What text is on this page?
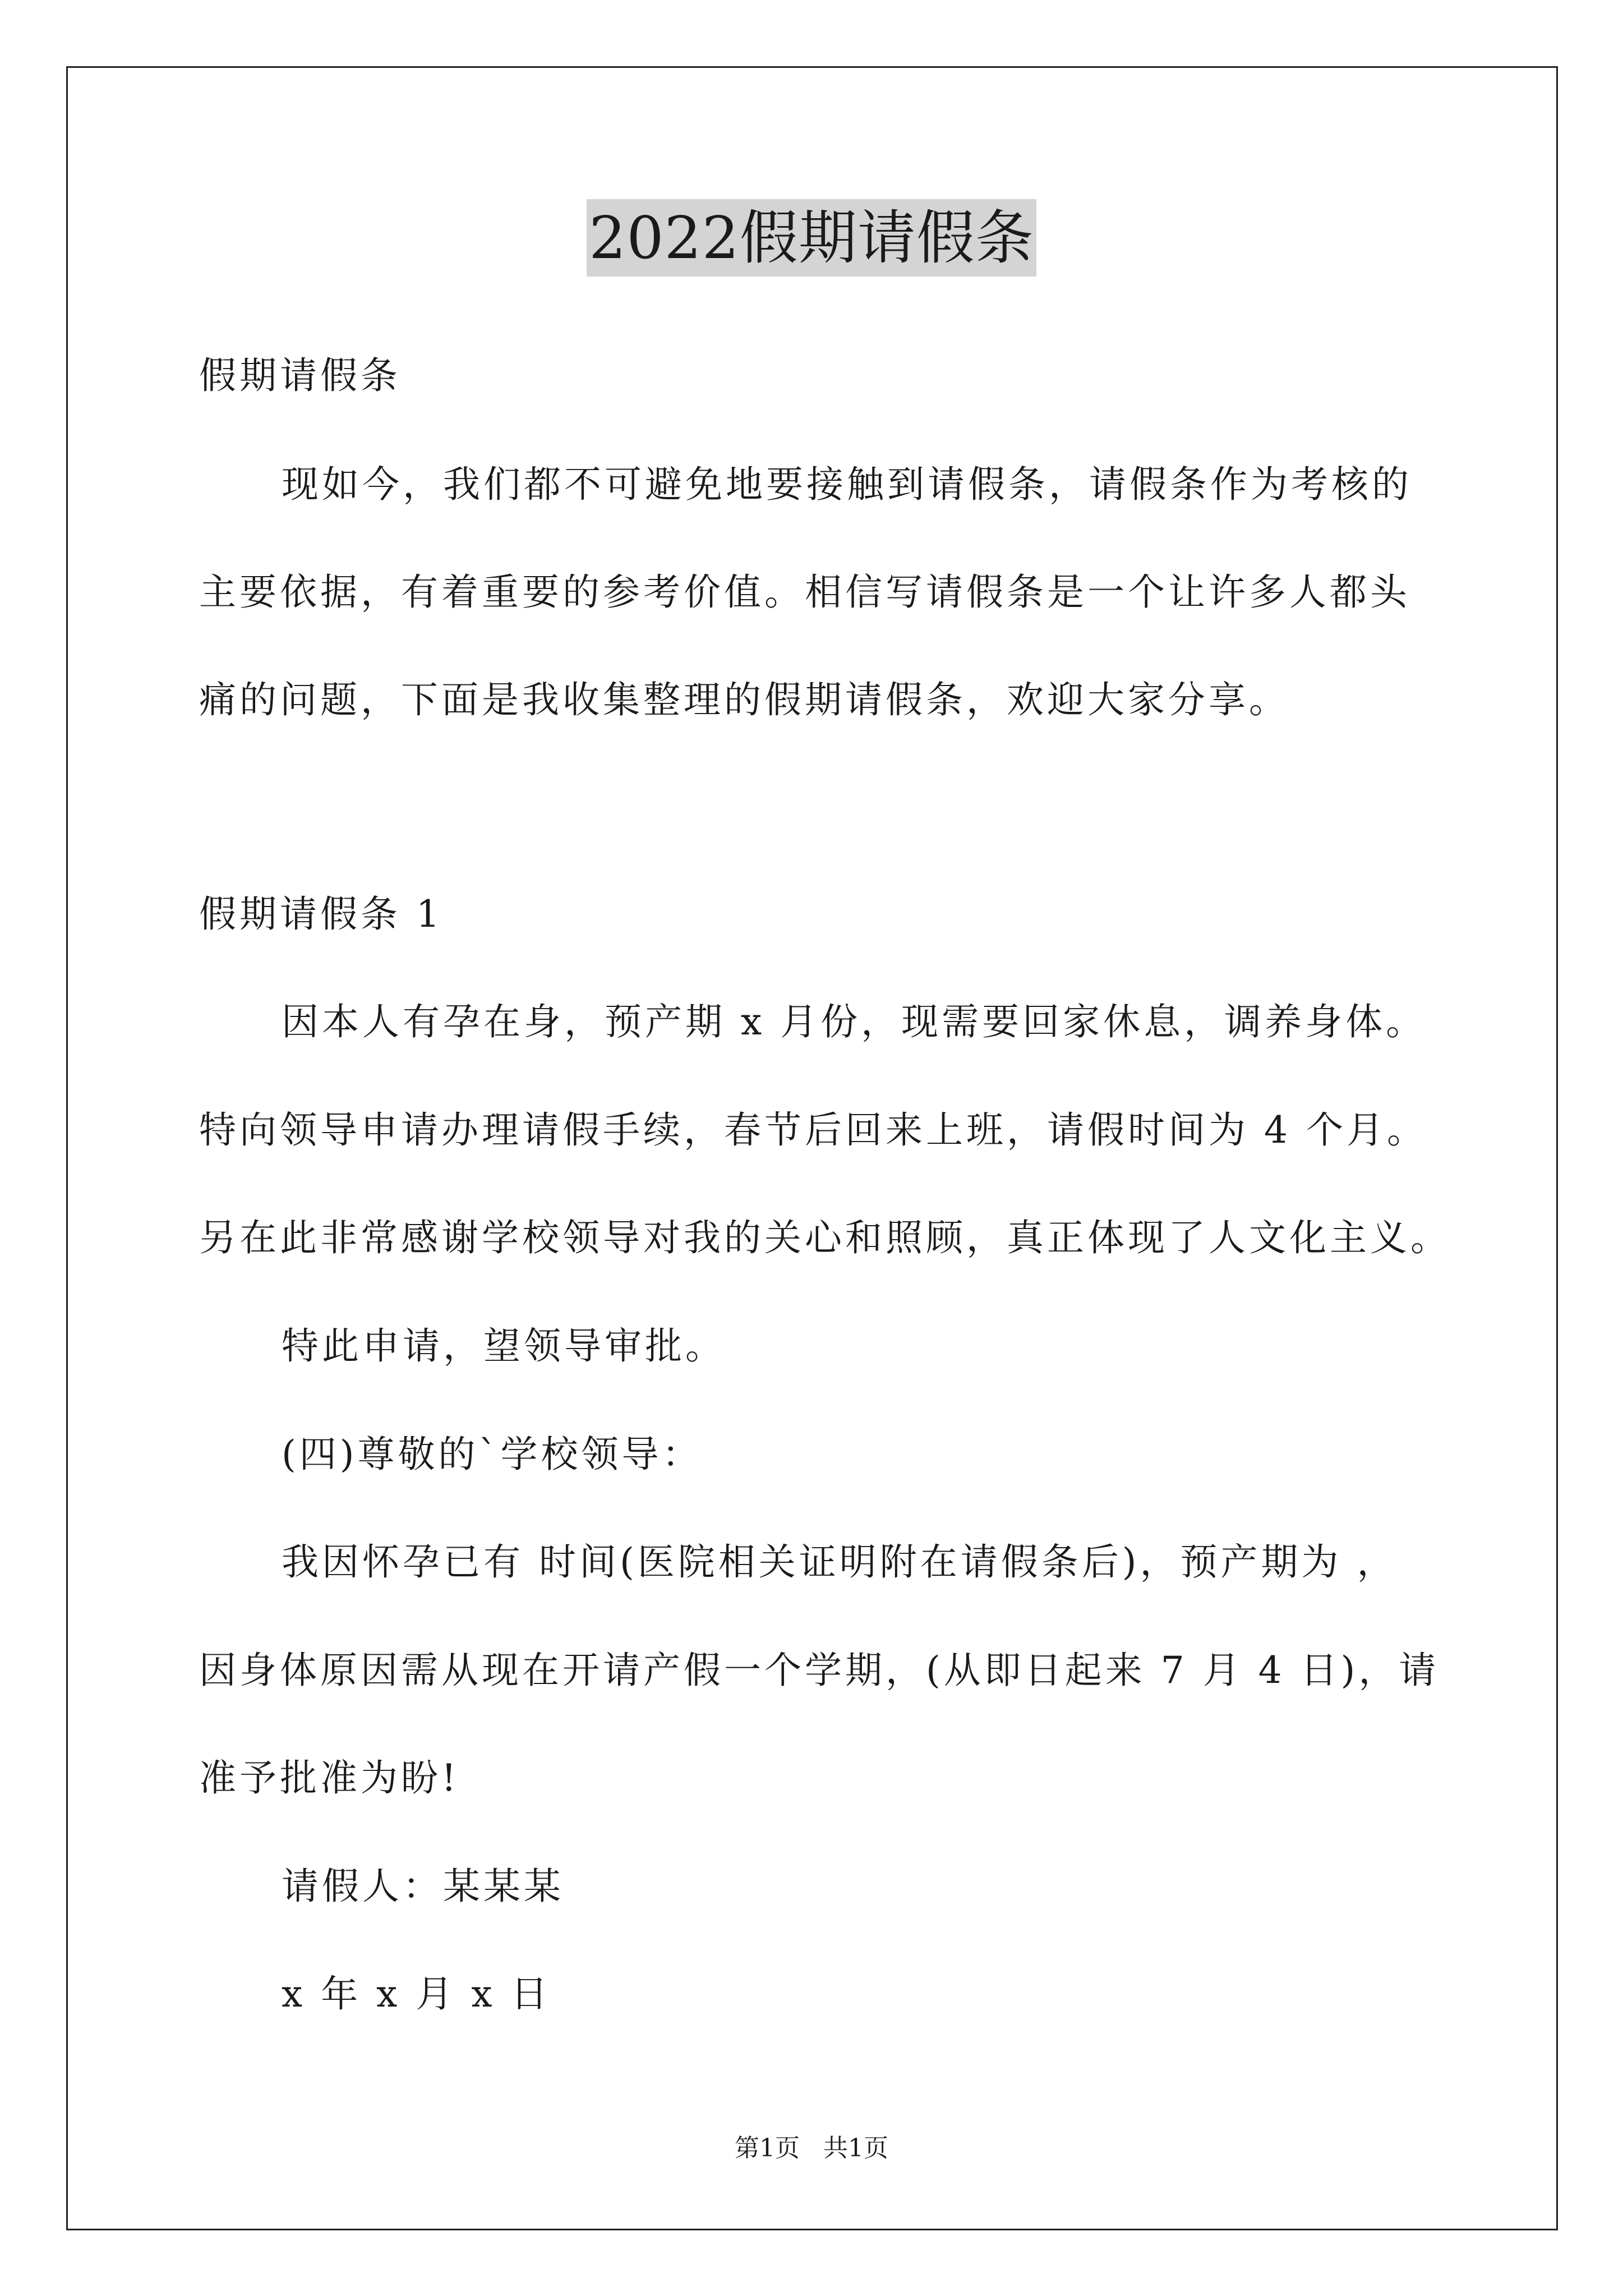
2022假期请假条
假期请假条
现如今，我们都不可避免地要接触到请假条，请假条作为考核的
主要依据，有着重要的参考价值。相信写请假条是一个让许多人都头
痛的问题，下面是我收集整理的假期请假条，欢迎大家分享。
假期请假条 1
因本人有孕在身，预产期 x 月份，现需要回家休息，调养身体。
特向领导申请办理请假手续，春节后回来上班，请假时间为 4 个月。
另在此非常感谢学校领导对我的关心和照顾，真正体现了人文化主义。
特此申请，望领导审批。
(四)尊敬的`学校领导：
我因怀孕已有 时间(医院相关证明附在请假条后)，预产期为 ，
因身体原因需从现在开请产假一个学期，(从即日起来 7 月 4 日)，请
准予批准为盼!
请假人：某某某
x 年 x 月 x 日
第1页   共1页
